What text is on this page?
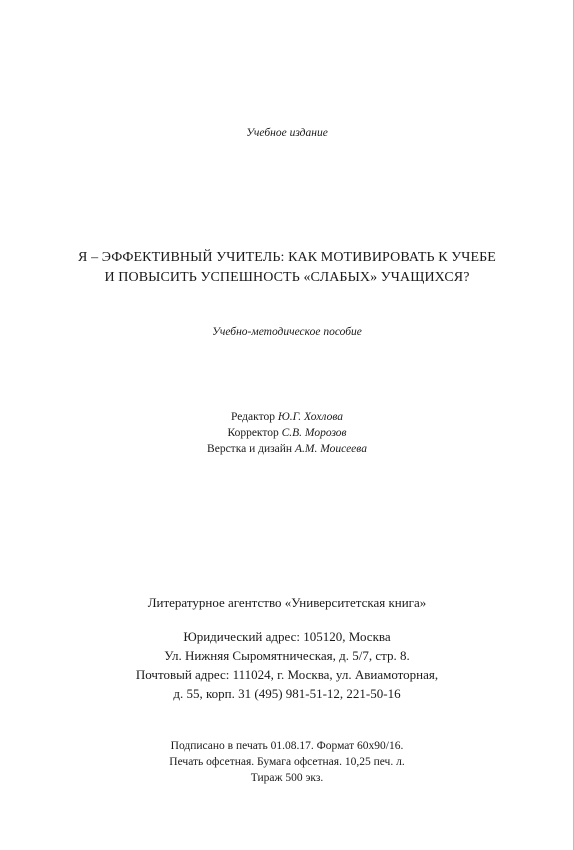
Учебное издание
Я – ЭФФЕКТИВНЫЙ УЧИТЕЛЬ: КАК МОТИВИРОВАТЬ К УЧЕБЕ
И ПОВЫСИТЬ УСПЕШНОСТЬ «СЛАБЫХ» УЧАЩИХСЯ?
Учебно-методическое пособие
Редактор Ю.Г. Хохлова
Корректор С.В. Морозов
Верстка и дизайн А.М. Моисеева
Литературное агентство «Университетская книга»
Юридический адрес: 105120, Москва
Ул. Нижняя Сыромятническая, д. 5/7, стр. 8.
Почтовый адрес: 111024, г. Москва, ул. Авиамоторная,
д. 55, корп. 31 (495) 981-51-12, 221-50-16
Подписано в печать 01.08.17. Формат 60х90/16.
Печать офсетная. Бумага офсетная. 10,25 печ. л.
Тираж 500 экз.
